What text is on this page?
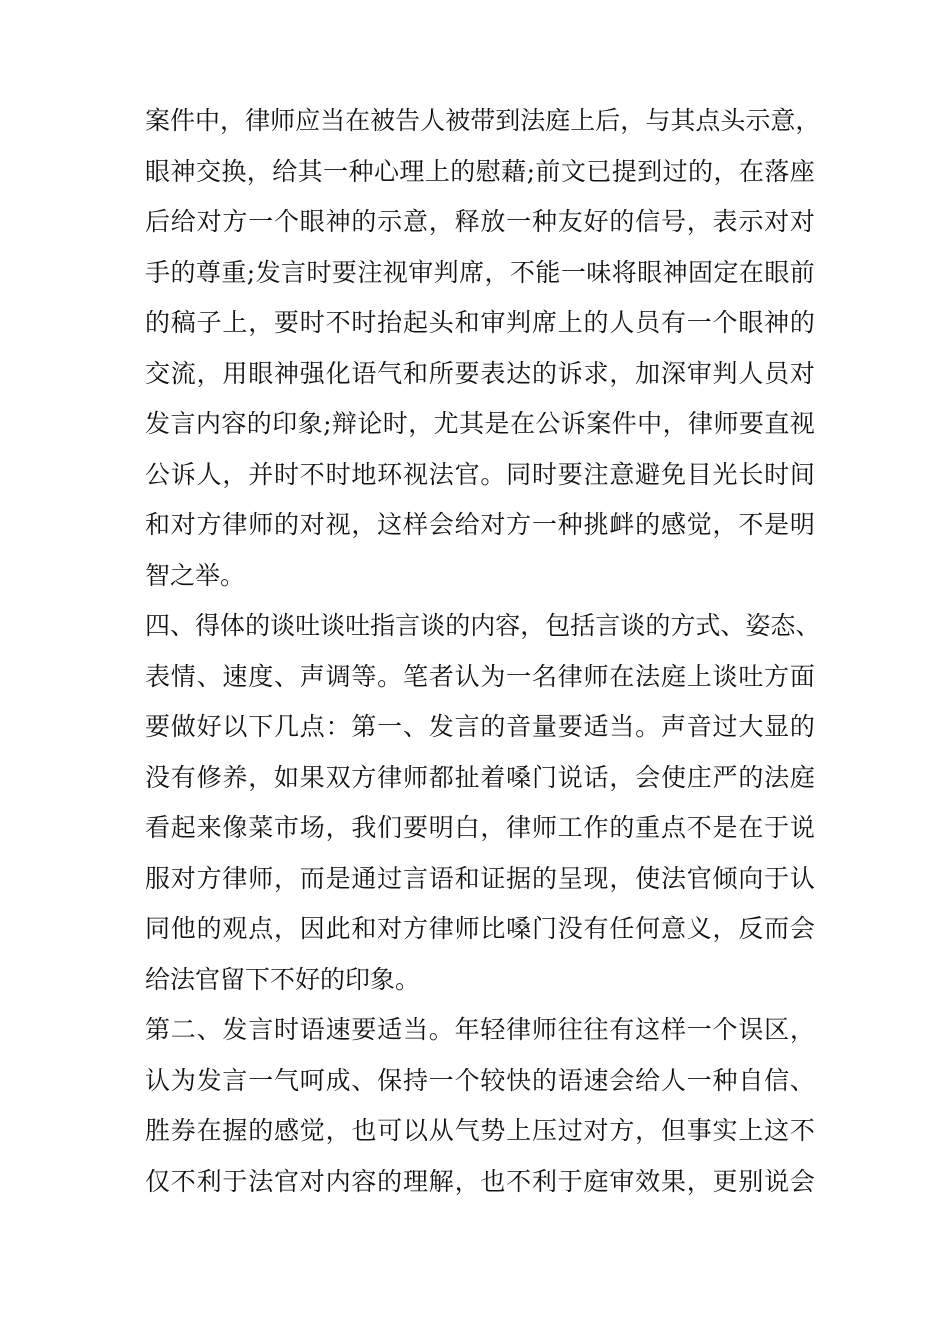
案 件 中 ， 律 师 应 当 在 被 告 人 被 带 到 法 庭 上 后 ， 与 其 点 头 示 意 ，
眼 神 交 换 ， 给 其 一 种 心 理 上 的 慰 藉 ; 前 文 已 提 到 过 的 ， 在 落 座
后 给 对 方 一 个 眼 神 的 示 意 ， 释 放 一 种 友 好 的 信 号 ， 表 示 对 对
手 的 尊 重 ; 发 言 时 要 注 视 审 判 席 ， 不 能 一 味 将 眼 神 固 定 在 眼 前
的 稿 子 上 ， 要 时 不 时 抬 起 头 和 审 判 席 上 的 人 员 有 一 个 眼 神 的
交 流 ， 用 眼 神 强 化 语 气 和 所 要 表 达 的 诉 求 ， 加 深 审 判 人 员 对
发 言 内 容 的 印 象 ; 辩 论 时 ， 尤 其 是 在 公 诉 案 件 中 ， 律 师 要 直 视
公 诉 人 ， 并 时 不 时 地 环 视 法 官 。 同 时 要 注 意 避 免 目 光 长 时 间
和 对 方 律 师 的 对 视 ， 这 样 会 给 对 方 一 种 挑 衅 的 感 觉 ， 不 是 明
智之举。
四 、 得 体 的 谈 吐 谈 吐 指 言 谈 的 内 容 ， 包 括 言 谈 的 方 式 、 姿 态 、
表 情 、 速 度 、 声 调 等 。 笔 者 认 为 一 名 律 师 在 法 庭 上 谈 吐 方 面
要 做 好 以 下 几 点 ： 第 一 、 发 言 的 音 量 要 适 当 。 声 音 过 大 显 的
没 有 修 养 ， 如 果 双 方 律 师 都 扯 着 嗓 门 说 话 ， 会 使 庄 严 的 法 庭
看 起 来 像 菜 市 场 ， 我 们 要 明 白 ， 律 师 工 作 的 重 点 不 是 在 于 说
服 对 方 律 师 ， 而 是 通 过 言 语 和 证 据 的 呈 现 ， 使 法 官 倾 向 于 认
同 他 的 观 点 ， 因 此 和 对 方 律 师 比 嗓 门 没 有 任 何 意 义 ， 反 而 会
给法官留下不好的印象。
第 二 、 发 言 时 语 速 要 适 当 。 年 轻 律 师 往 往 有 这 样 一 个 误 区 ，
认 为 发 言 一 气 呵 成 、 保 持 一 个 较 快 的 语 速 会 给 人 一 种 自 信 、
胜 券 在 握 的 感 觉 ， 也 可 以 从 气 势 上 压 过 对 方 ， 但 事 实 上 这 不
仅 不 利 于 法 官 对 内 容 的 理 解 ， 也 不 利 于 庭 审 效 果 ， 更 别 说 会
